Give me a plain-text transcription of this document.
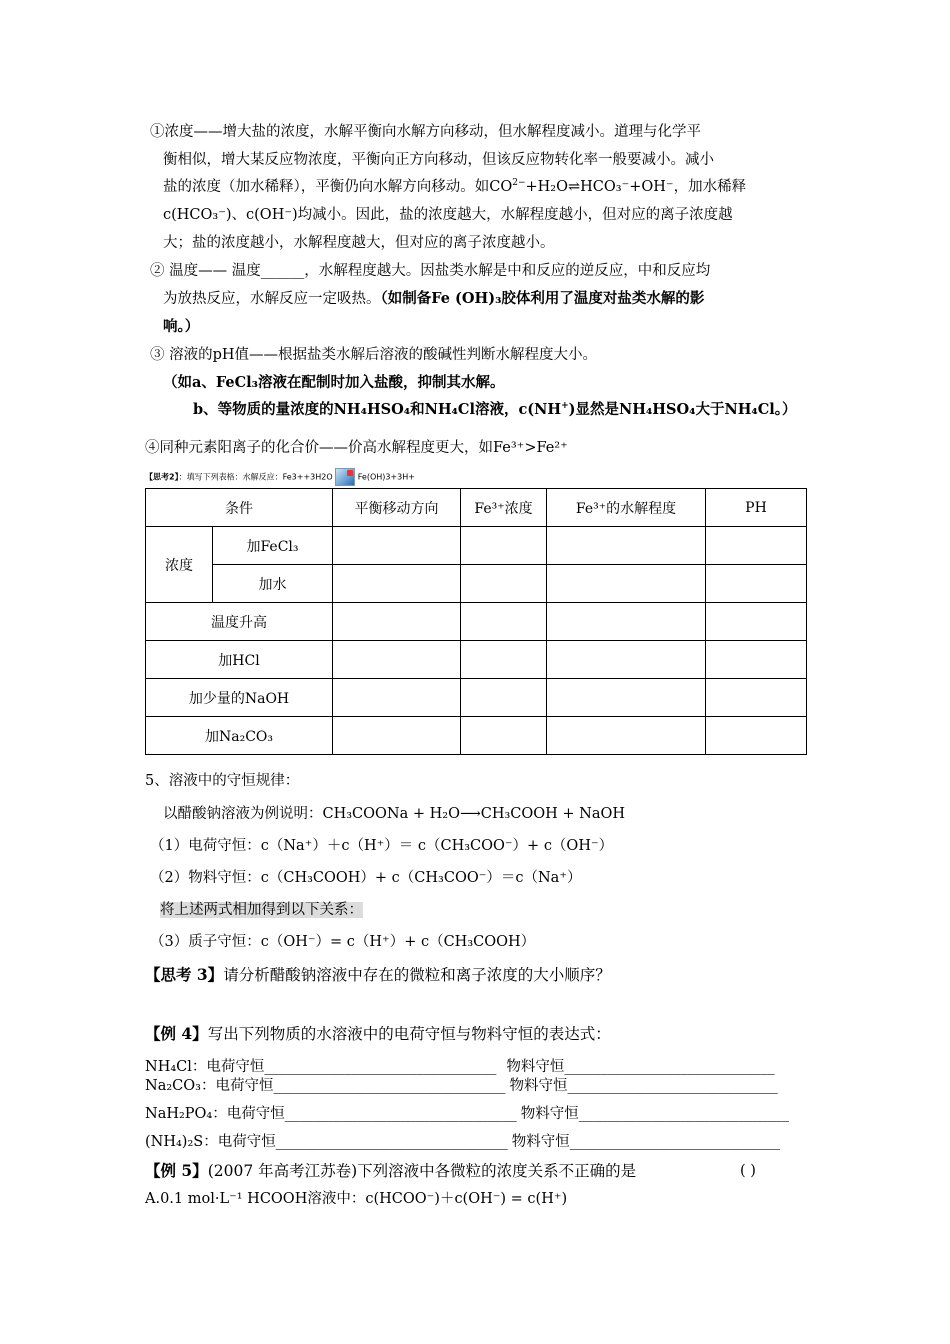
①浓度——增大盐的浓度，水解平衡向水解方向移动，但水解程度减小。道理与化学平
衡相似，增大某反应物浓度，平衡向正方向移动，但该反应物转化率一般要减小。减小
盐的浓度（加水稀释），平衡仍向水解方向移动。如$CO^{2-}+H_2O\rightleftharpoons HCO_3^-+OH^-$，加水稀释
c(HCO₃⁻)、c(OH⁻)均减小。因此，盐的浓度越大，水解程度越小，但对应的离子浓度越
大；盐的浓度越小，水解程度越大，但对应的离子浓度越小。
② 温度—— 温度______，水解程度越大。因盐类水解是中和反应的逆反应，中和反应均
为放热反应，水解反应一定吸热。（如制备Fe (OH)₃胶体利用了温度对盐类水解的影
响。）
③ 溶液的pH值——根据盐类水解后溶液的酸碱性判断水解程度大小。
（如a、FeCl₃溶液在配制时加入盐酸，抑制其水解。
b、等物质的量浓度的NH₄HSO₄和NH₄Cl溶液，c(NH+)显然是NH₄HSO₄大于NH₄Cl。）
④同种元素阳离子的化合价——价高水解程度更大，如Fe³⁺>Fe²⁺
【思考2】：填写下列表格：水解反应：Fe3++3H2O	Fe(OH)3+3H+
条件		平衡移动方向	Fe³⁺浓度	Fe³⁺的水解程度	PH
浓度	加FeCl₃				
	加水				
温度升高					
加HCl					
加少量的NaOH					
加Na₂CO₃					
5、溶液中的守恒规律：
以醋酸钠溶液为例说明：CH₃COONa + H₂O⟶CH₃COOH + NaOH
（1）电荷守恒：c（Na⁺）＋c（H⁺）＝ c（CH₃COO⁻）+ c（OH⁻）
（2）物料守恒：c（CH₃COOH）+ c（CH₃COO⁻）＝c（Na⁺）
将上述两式相加得到以下关系：
（3）质子守恒：c（OH⁻）= c（H⁺）+ c（CH₃COOH）
【思考 3】请分析醋酸钠溶液中存在的微粒和离子浓度的大小顺序？
【例 4】写出下列物质的水溶液中的电荷守恒与物料守恒的表达式：
NH₄Cl：电荷守恒________________________________ 物料守恒_____________________________
Na₂CO₃：电荷守恒________________________________ 物料守恒_____________________________
NaH₂PO₄：电荷守恒________________________________ 物料守恒_____________________________
(NH₄)₂S：电荷守恒________________________________ 物料守恒_____________________________
【例 5】(2007 年高考江苏卷)下列溶液中各微粒的浓度关系不正确的是	( )
A.0.1 mol·L⁻¹ HCOOH溶液中：c(HCOO⁻)＋c(OH⁻) = c(H⁺)
